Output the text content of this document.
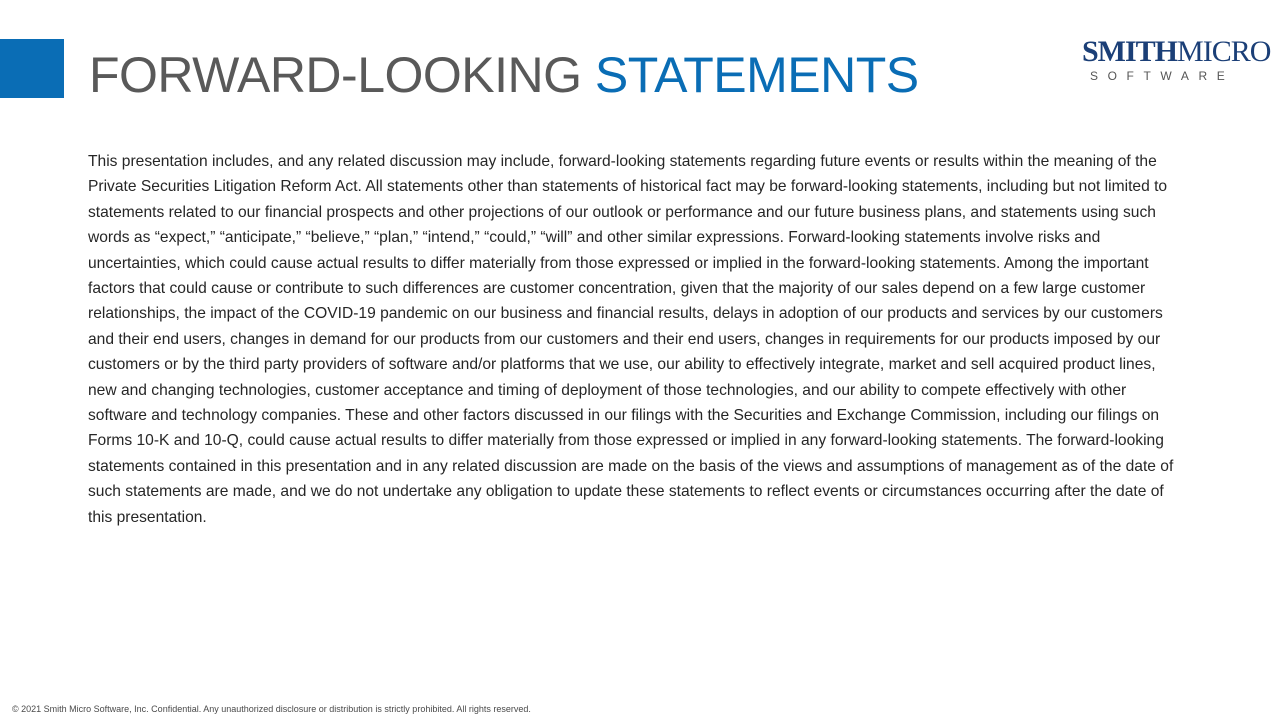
FORWARD-LOOKING STATEMENTS	SMITHMICRO
SOFTWARE

This presentation includes, and any related discussion may include, forward-looking statements regarding future events or results within the meaning of the Private Securities Litigation Reform Act. All statements other than statements of historical fact may be forward-looking statements, including but not limited to statements related to our financial prospects and other projections of our outlook or performance and our future business plans, and statements using such words as “expect,” “anticipate,” “believe,” “plan,” “intend,” “could,” “will” and other similar expressions. Forward-looking statements involve risks and uncertainties, which could cause actual results to differ materially from those expressed or implied in the forward-looking statements. Among the important factors that could cause or contribute to such differences are customer concentration, given that the majority of our sales depend on a few large customer relationships, the impact of the COVID-19 pandemic on our business and financial results, delays in adoption of our products and services by our customers and their end users, changes in demand for our products from our customers and their end users, changes in requirements for our products imposed by our customers or by the third party providers of software and/or platforms that we use, our ability to effectively integrate, market and sell acquired product lines, new and changing technologies, customer acceptance and timing of deployment of those technologies, and our ability to compete effectively with other software and technology companies. These and other factors discussed in our filings with the Securities and Exchange Commission, including our filings on Forms 10-K and 10-Q, could cause actual results to differ materially from those expressed or implied in any forward-looking statements. The forward-looking statements contained in this presentation and in any related discussion are made on the basis of the views and assumptions of management as of the date of such statements are made, and we do not undertake any obligation to update these statements to reflect events or circumstances occurring after the date of this presentation.

© 2021 Smith Micro Software, Inc. Confidential. Any unauthorized disclosure or distribution is strictly prohibited. All rights reserved.
